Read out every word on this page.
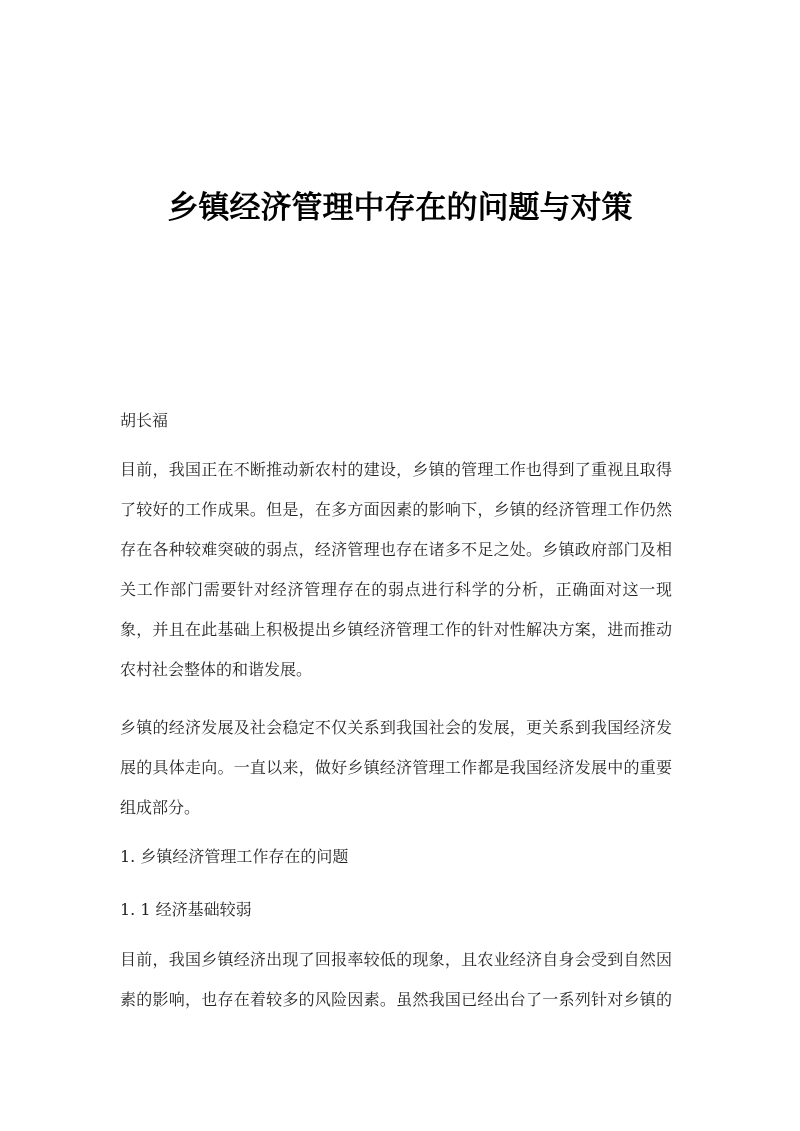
乡镇经济管理中存在的问题与对策

胡长福

目前，我国正在不断推动新农村的建设，乡镇的管理工作也得到了重视且取得
了较好的工作成果。但是，在多方面因素的影响下，乡镇的经济管理工作仍然
存在各种较难突破的弱点，经济管理也存在诸多不足之处。乡镇政府部门及相
关工作部门需要针对经济管理存在的弱点进行科学的分析，正确面对这一现
象，并且在此基础上积极提出乡镇经济管理工作的针对性解决方案，进而推动
农村社会整体的和谐发展。
乡镇的经济发展及社会稳定不仅关系到我国社会的发展，更关系到我国经济发
展的具体走向。一直以来，做好乡镇经济管理工作都是我国经济发展中的重要
组成部分。

1. 乡镇经济管理工作存在的问题

1. 1 经济基础较弱

目前，我国乡镇经济出现了回报率较低的现象，且农业经济自身会受到自然因
素的影响，也存在着较多的风险因素。虽然我国已经出台了一系列针对乡镇的
